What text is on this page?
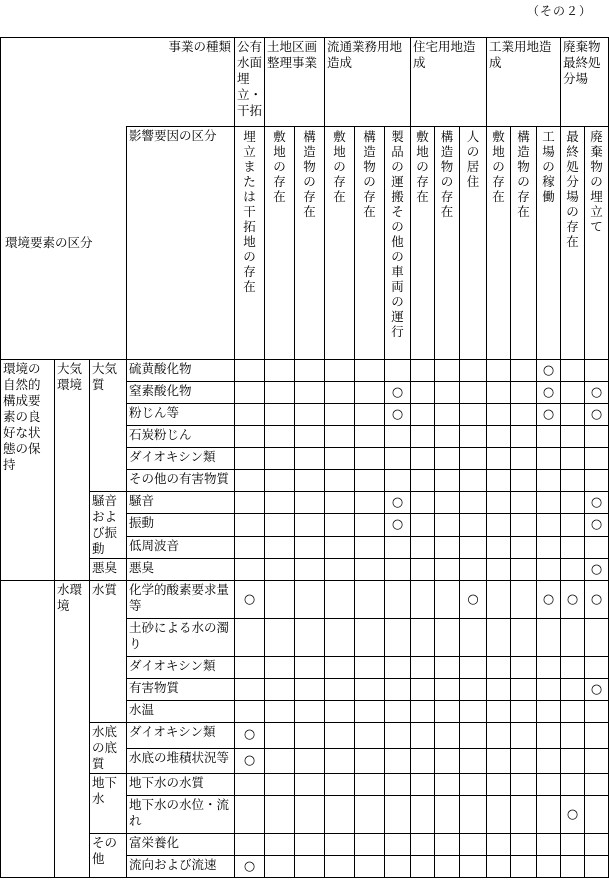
（その２）
事業の種類				公有水面埋立・干拓	土地区画整理事業		流通業務用地造成			住宅用地造成			工業用地造成			廃棄物最終処分場	
環境要素の区分			影響要因の区分	埋立または干拓地の存在	敷地の存在	構造物の存在	敷地の存在	構造物の存在	製品の運搬その他の車両の運行	敷地の存在	構造物の存在	人の居住	敷地の存在	構造物の存在	工場の稼働	最終処分場の存在	廃棄物の埋立て

環境の自然的構成要素の良好な状態の保持	大気環境	大気質	硫黄酸化物												○		
			窒素酸化物						○						○		○
			粉じん等						○						○		○
			石炭粉じん														
			ダイオキシン類														
			その他の有害物質														
		騒音および振動	騒音						○								○
			振動						○								○
			低周波音														
		悪臭	悪臭														○
	水環境	水質	化学的酸素要求量等	○								○			○	○	○
			土砂による水の濁り														
			ダイオキシン類														
			有害物質														○
			水温														
		水底の底質	ダイオキシン類	○													
			水底の堆積状況等	○													
		地下水	地下水の水質														
			地下水の水位・流れ													○	
		その他	富栄養化														
			流向および流速	○													
